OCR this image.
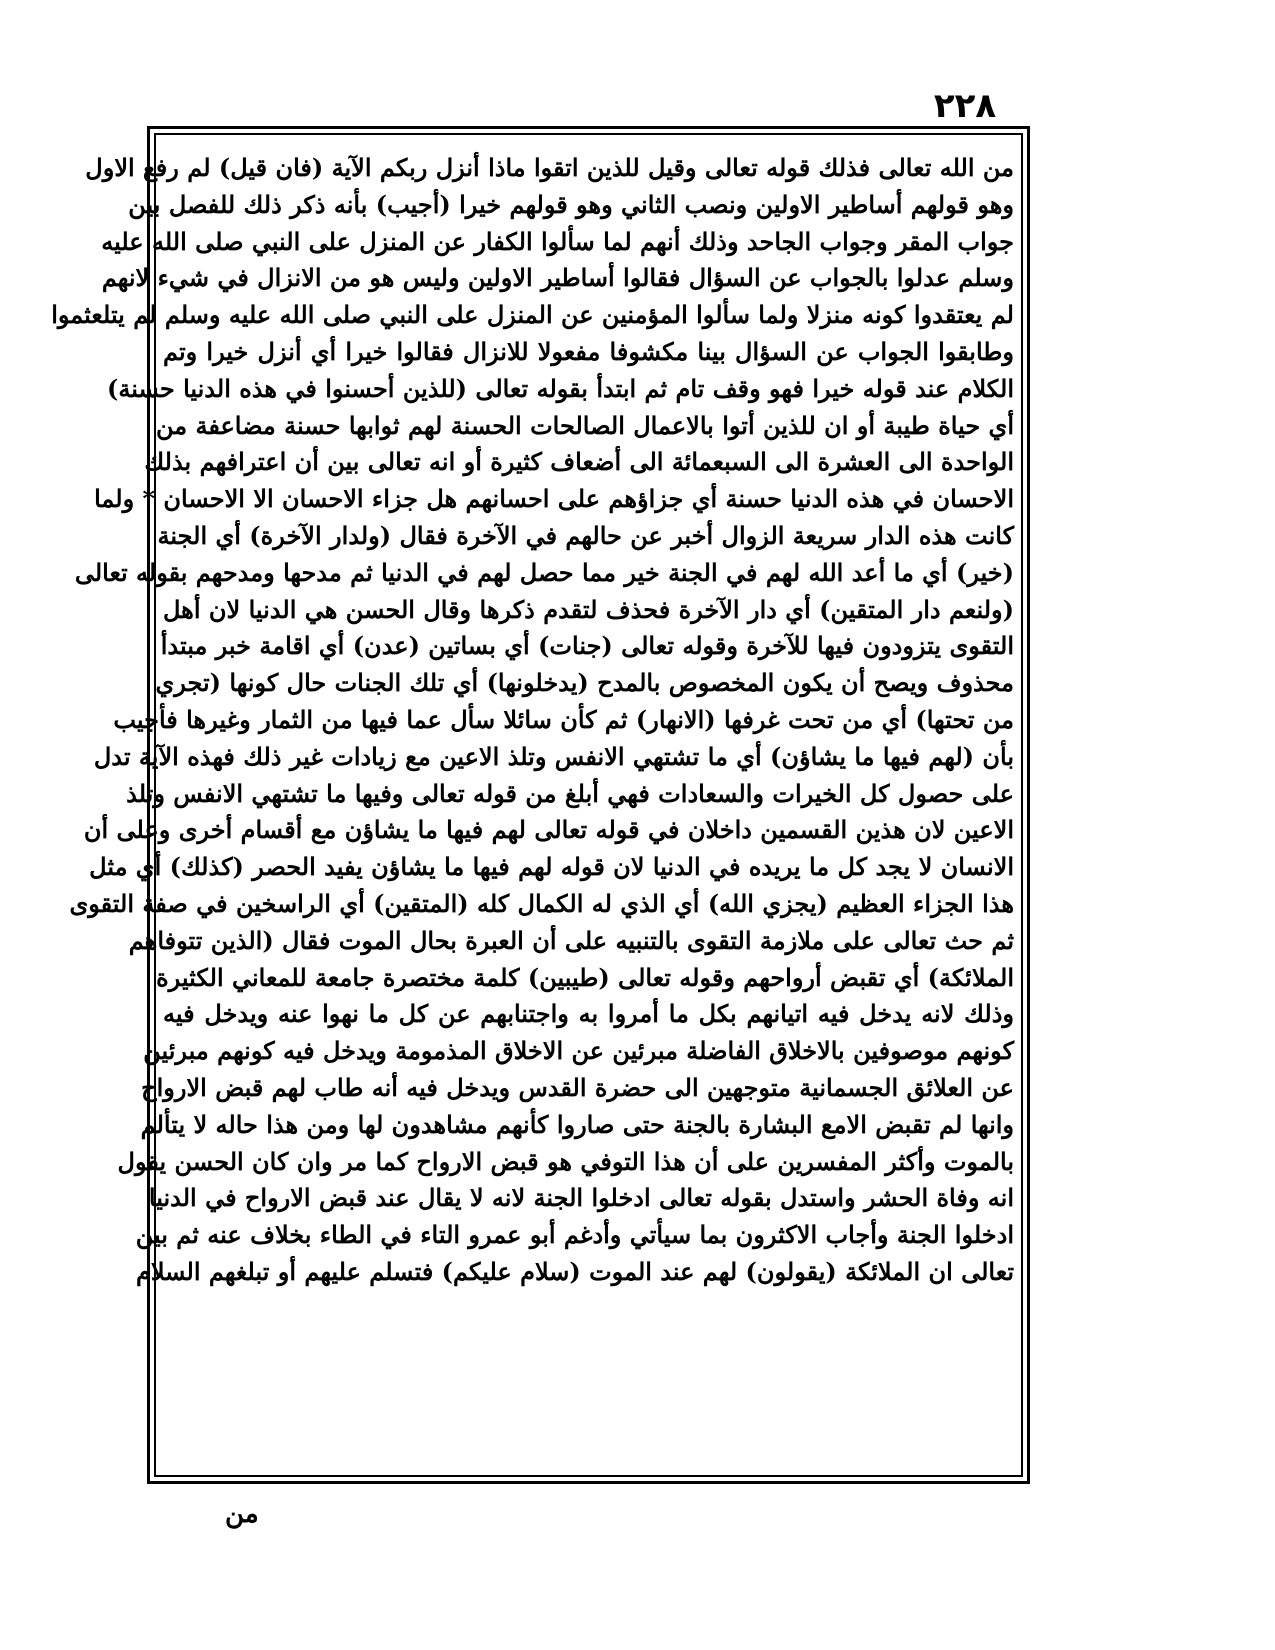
٢٢٨
من الله تعالى فذلك قوله تعالى وقيل للذين اتقوا ماذا أنزل ربكم الآية (فان قيل) لم رفع الاول
وهو قولهم أساطير الاولين ونصب الثاني وهو قولهم خيرا (أجيب) بأنه ذكر ذلك للفصل بين
جواب المقر وجواب الجاحد وذلك أنهم لما سألوا الكفار عن المنزل على النبي صلى الله عليه
وسلم عدلوا بالجواب عن السؤال فقالوا أساطير الاولين وليس هو من الانزال في شيء لانهم
لم يعتقدوا كونه منزلا ولما سألوا المؤمنين عن المنزل على النبي صلى الله عليه وسلم لم يتلعثموا
وطابقوا الجواب عن السؤال بينا مكشوفا مفعولا للانزال فقالوا خيرا أي أنزل خيرا وتم
الكلام عند قوله خيرا فهو وقف تام ثم ابتدأ بقوله تعالى (للذين أحسنوا في هذه الدنيا حسنة)
أي حياة طيبة أو ان للذين أتوا بالاعمال الصالحات الحسنة لهم ثوابها حسنة مضاعفة من
الواحدة الى العشرة الى السبعمائة الى أضعاف كثيرة أو انه تعالى بين أن اعترافهم بذلك
الاحسان في هذه الدنيا حسنة أي جزاؤهم على احسانهم هل جزاء الاحسان الا الاحسان * ولما
كانت هذه الدار سريعة الزوال أخبر عن حالهم في الآخرة فقال (ولدار الآخرة) أي الجنة
(خير) أي ما أعد الله لهم في الجنة خير مما حصل لهم في الدنيا ثم مدحها ومدحهم بقوله تعالى
(ولنعم دار المتقين) أي دار الآخرة فحذف لتقدم ذكرها وقال الحسن هي الدنيا لان أهل
التقوى يتزودون فيها للآخرة وقوله تعالى (جنات) أي بساتين (عدن) أي اقامة خبر مبتدأ
محذوف ويصح أن يكون المخصوص بالمدح (يدخلونها) أي تلك الجنات حال كونها (تجري
من تحتها) أي من تحت غرفها (الانهار) ثم كأن سائلا سأل عما فيها من الثمار وغيرها فأجيب
بأن (لهم فيها ما يشاؤن) أي ما تشتهي الانفس وتلذ الاعين مع زيادات غير ذلك فهذه الآية تدل
على حصول كل الخيرات والسعادات فهي أبلغ من قوله تعالى وفيها ما تشتهي الانفس وتلذ
الاعين لان هذين القسمين داخلان في قوله تعالى لهم فيها ما يشاؤن مع أقسام أخرى وعلى أن
الانسان لا يجد كل ما يريده في الدنيا لان قوله لهم فيها ما يشاؤن يفيد الحصر (كذلك) أي مثل
هذا الجزاء العظيم (يجزي الله) أي الذي له الكمال كله (المتقين) أي الراسخين في صفة التقوى
ثم حث تعالى على ملازمة التقوى بالتنبيه على أن العبرة بحال الموت فقال (الذين تتوفاهم
الملائكة) أي تقبض أرواحهم وقوله تعالى (طيبين) كلمة مختصرة جامعة للمعاني الكثيرة
وذلك لانه يدخل فيه اتيانهم بكل ما أمروا به واجتنابهم عن كل ما نهوا عنه ويدخل فيه
كونهم موصوفين بالاخلاق الفاضلة مبرئين عن الاخلاق المذمومة ويدخل فيه كونهم مبرئين
عن العلائق الجسمانية متوجهين الى حضرة القدس ويدخل فيه أنه طاب لهم قبض الارواح
وانها لم تقبض الامع البشارة بالجنة حتى صاروا كأنهم مشاهدون لها ومن هذا حاله لا يتألم
بالموت وأكثر المفسرين على أن هذا التوفي هو قبض الارواح كما مر وان كان الحسن يقول
انه وفاة الحشر واستدل بقوله تعالى ادخلوا الجنة لانه لا يقال عند قبض الارواح في الدنيا
ادخلوا الجنة وأجاب الاكثرون بما سيأتي وأدغم أبو عمرو التاء في الطاء بخلاف عنه ثم بين
تعالى ان الملائكة (يقولون) لهم عند الموت (سلام عليكم) فتسلم عليهم أو تبلغهم السلام
من
